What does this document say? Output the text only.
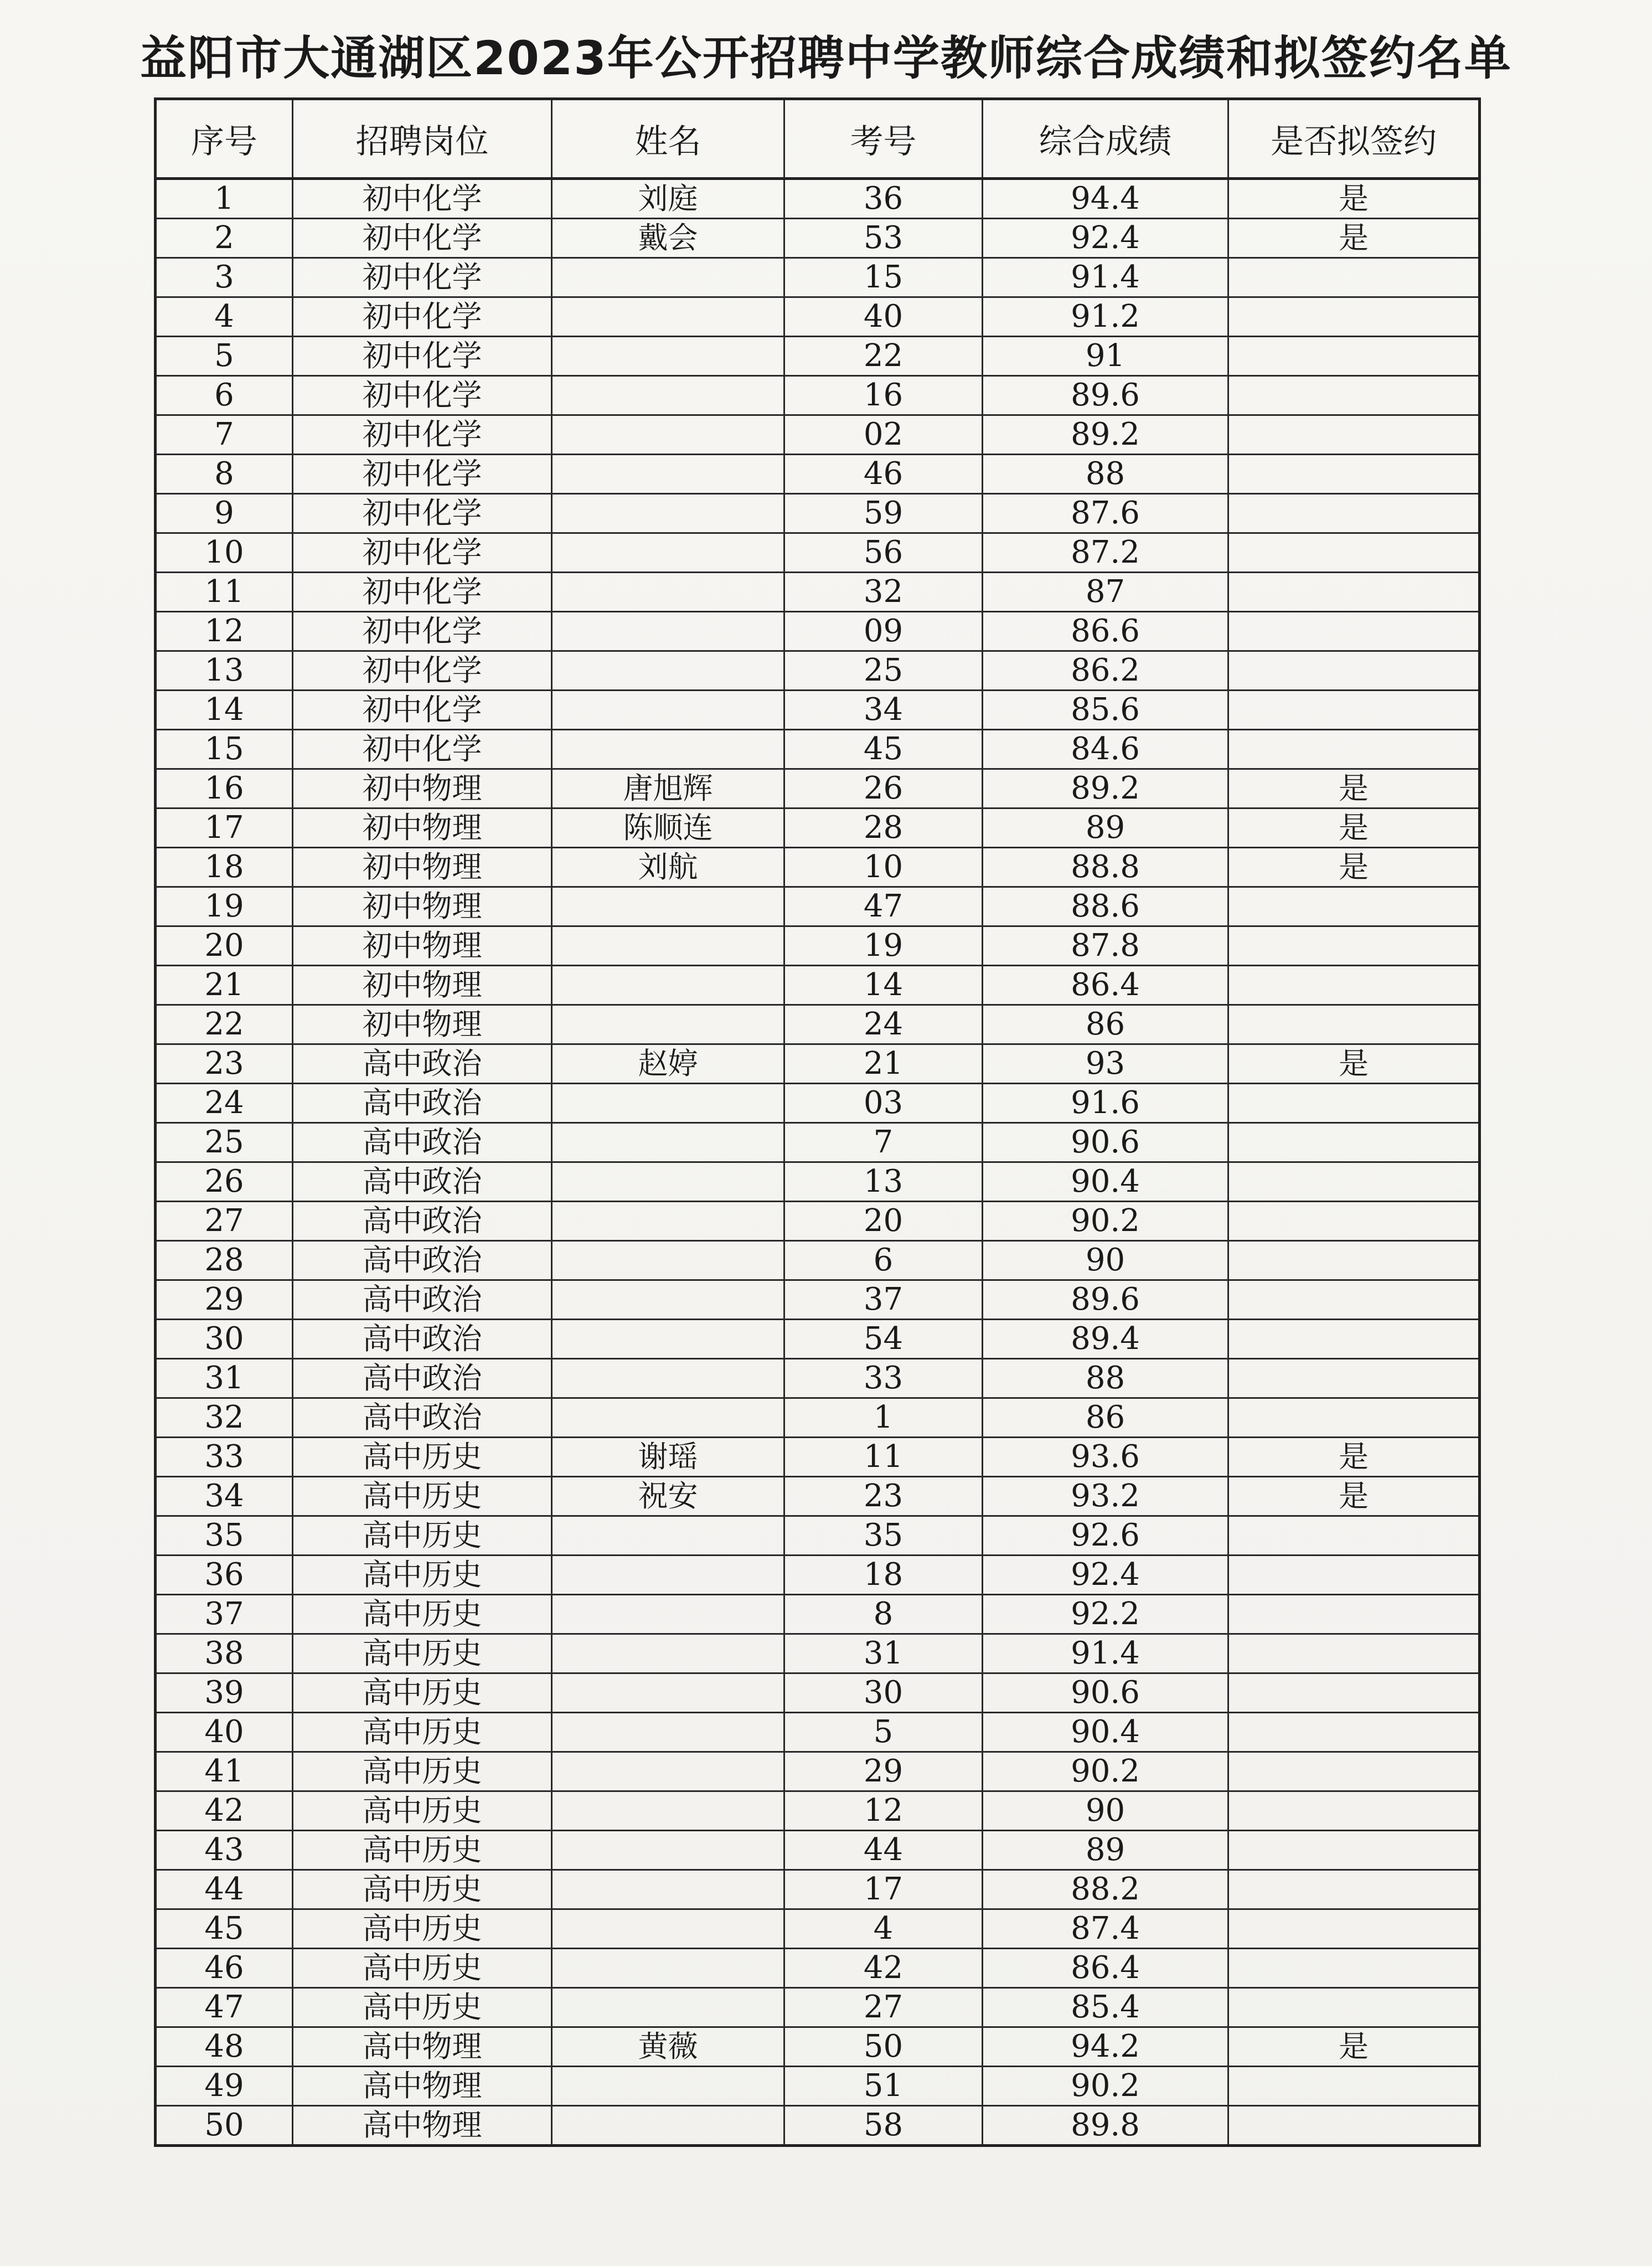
益阳市大通湖区2023年公开招聘中学教师综合成绩和拟签约名单
序号	招聘岗位	姓名	考号	综合成绩	是否拟签约
1	初中化学	刘庭	36	94.4	是
2	初中化学	戴会	53	92.4	是
3	初中化学		15	91.4	
4	初中化学		40	91.2	
5	初中化学		22	91	
6	初中化学		16	89.6	
7	初中化学		02	89.2	
8	初中化学		46	88	
9	初中化学		59	87.6	
10	初中化学		56	87.2	
11	初中化学		32	87	
12	初中化学		09	86.6	
13	初中化学		25	86.2	
14	初中化学		34	85.6	
15	初中化学		45	84.6	
16	初中物理	唐旭辉	26	89.2	是
17	初中物理	陈顺连	28	89	是
18	初中物理	刘航	10	88.8	是
19	初中物理		47	88.6	
20	初中物理		19	87.8	
21	初中物理		14	86.4	
22	初中物理		24	86	
23	高中政治	赵婷	21	93	是
24	高中政治		03	91.6	
25	高中政治		7	90.6	
26	高中政治		13	90.4	
27	高中政治		20	90.2	
28	高中政治		6	90	
29	高中政治		37	89.6	
30	高中政治		54	89.4	
31	高中政治		33	88	
32	高中政治		1	86	
33	高中历史	谢瑶	11	93.6	是
34	高中历史	祝安	23	93.2	是
35	高中历史		35	92.6	
36	高中历史		18	92.4	
37	高中历史		8	92.2	
38	高中历史		31	91.4	
39	高中历史		30	90.6	
40	高中历史		5	90.4	
41	高中历史		29	90.2	
42	高中历史		12	90	
43	高中历史		44	89	
44	高中历史		17	88.2	
45	高中历史		4	87.4	
46	高中历史		42	86.4	
47	高中历史		27	85.4	
48	高中物理	黄薇	50	94.2	是
49	高中物理		51	90.2	
50	高中物理		58	89.8	
